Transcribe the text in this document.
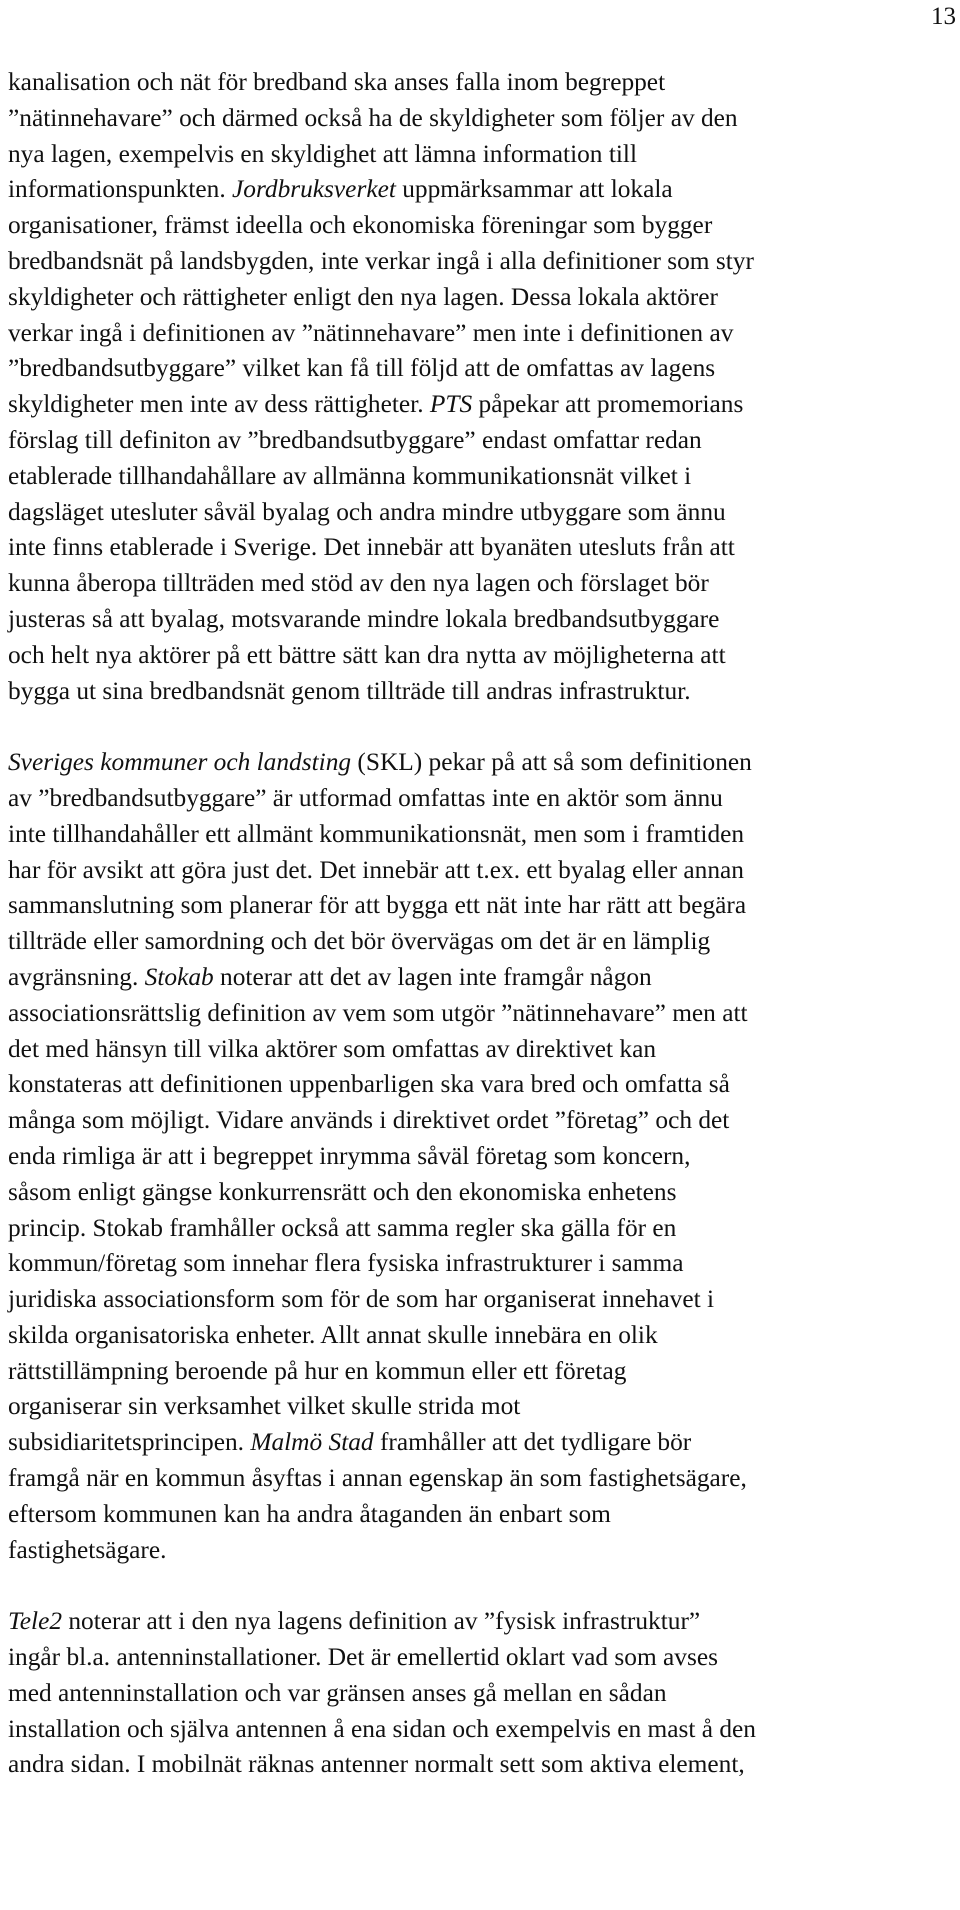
13
kanalisation och nät för bredband ska anses falla inom begreppet
”nätinnehavare” och därmed också ha de skyldigheter som följer av den
nya lagen, exempelvis en skyldighet att lämna information till
informationspunkten. Jordbruksverket uppmärksammar att lokala
organisationer, främst ideella och ekonomiska föreningar som bygger
bredbandsnät på landsbygden, inte verkar ingå i alla definitioner som styr
skyldigheter och rättigheter enligt den nya lagen. Dessa lokala aktörer
verkar ingå i definitionen av ”nätinnehavare” men inte i definitionen av
”bredbandsutbyggare” vilket kan få till följd att de omfattas av lagens
skyldigheter men inte av dess rättigheter. PTS påpekar att promemorians
förslag till definiton av ”bredbandsutbyggare” endast omfattar redan
etablerade tillhandahållare av allmänna kommunikationsnät vilket i
dagsläget utesluter såväl byalag och andra mindre utbyggare som ännu
inte finns etablerade i Sverige. Det innebär att byanäten utesluts från att
kunna åberopa tillträden med stöd av den nya lagen och förslaget bör
justeras så att byalag, motsvarande mindre lokala bredbandsutbyggare
och helt nya aktörer på ett bättre sätt kan dra nytta av möjligheterna att
bygga ut sina bredbandsnät genom tillträde till andras infrastruktur.
Sveriges kommuner och landsting (SKL) pekar på att så som definitionen
av ”bredbandsutbyggare” är utformad omfattas inte en aktör som ännu
inte tillhandahåller ett allmänt kommunikationsnät, men som i framtiden
har för avsikt att göra just det. Det innebär att t.ex. ett byalag eller annan
sammanslutning som planerar för att bygga ett nät inte har rätt att begära
tillträde eller samordning och det bör övervägas om det är en lämplig
avgränsning. Stokab noterar att det av lagen inte framgår någon
associationsrättslig definition av vem som utgör ”nätinnehavare” men att
det med hänsyn till vilka aktörer som omfattas av direktivet kan
konstateras att definitionen uppenbarligen ska vara bred och omfatta så
många som möjligt. Vidare används i direktivet ordet ”företag” och det
enda rimliga är att i begreppet inrymma såväl företag som koncern,
såsom enligt gängse konkurrensrätt och den ekonomiska enhetens
princip. Stokab framhåller också att samma regler ska gälla för en
kommun/företag som innehar flera fysiska infrastrukturer i samma
juridiska associationsform som för de som har organiserat innehavet i
skilda organisatoriska enheter. Allt annat skulle innebära en olik
rättstillämpning beroende på hur en kommun eller ett företag
organiserar sin verksamhet vilket skulle strida mot
subsidiaritetsprincipen. Malmö Stad framhåller att det tydligare bör
framgå när en kommun åsyftas i annan egenskap än som fastighetsägare,
eftersom kommunen kan ha andra åtaganden än enbart som
fastighetsägare.
Tele2 noterar att i den nya lagens definition av ”fysisk infrastruktur”
ingår bl.a. antenninstallationer. Det är emellertid oklart vad som avses
med antenninstallation och var gränsen anses gå mellan en sådan
installation och själva antennen å ena sidan och exempelvis en mast å den
andra sidan. I mobilnät räknas antenner normalt sett som aktiva element,
